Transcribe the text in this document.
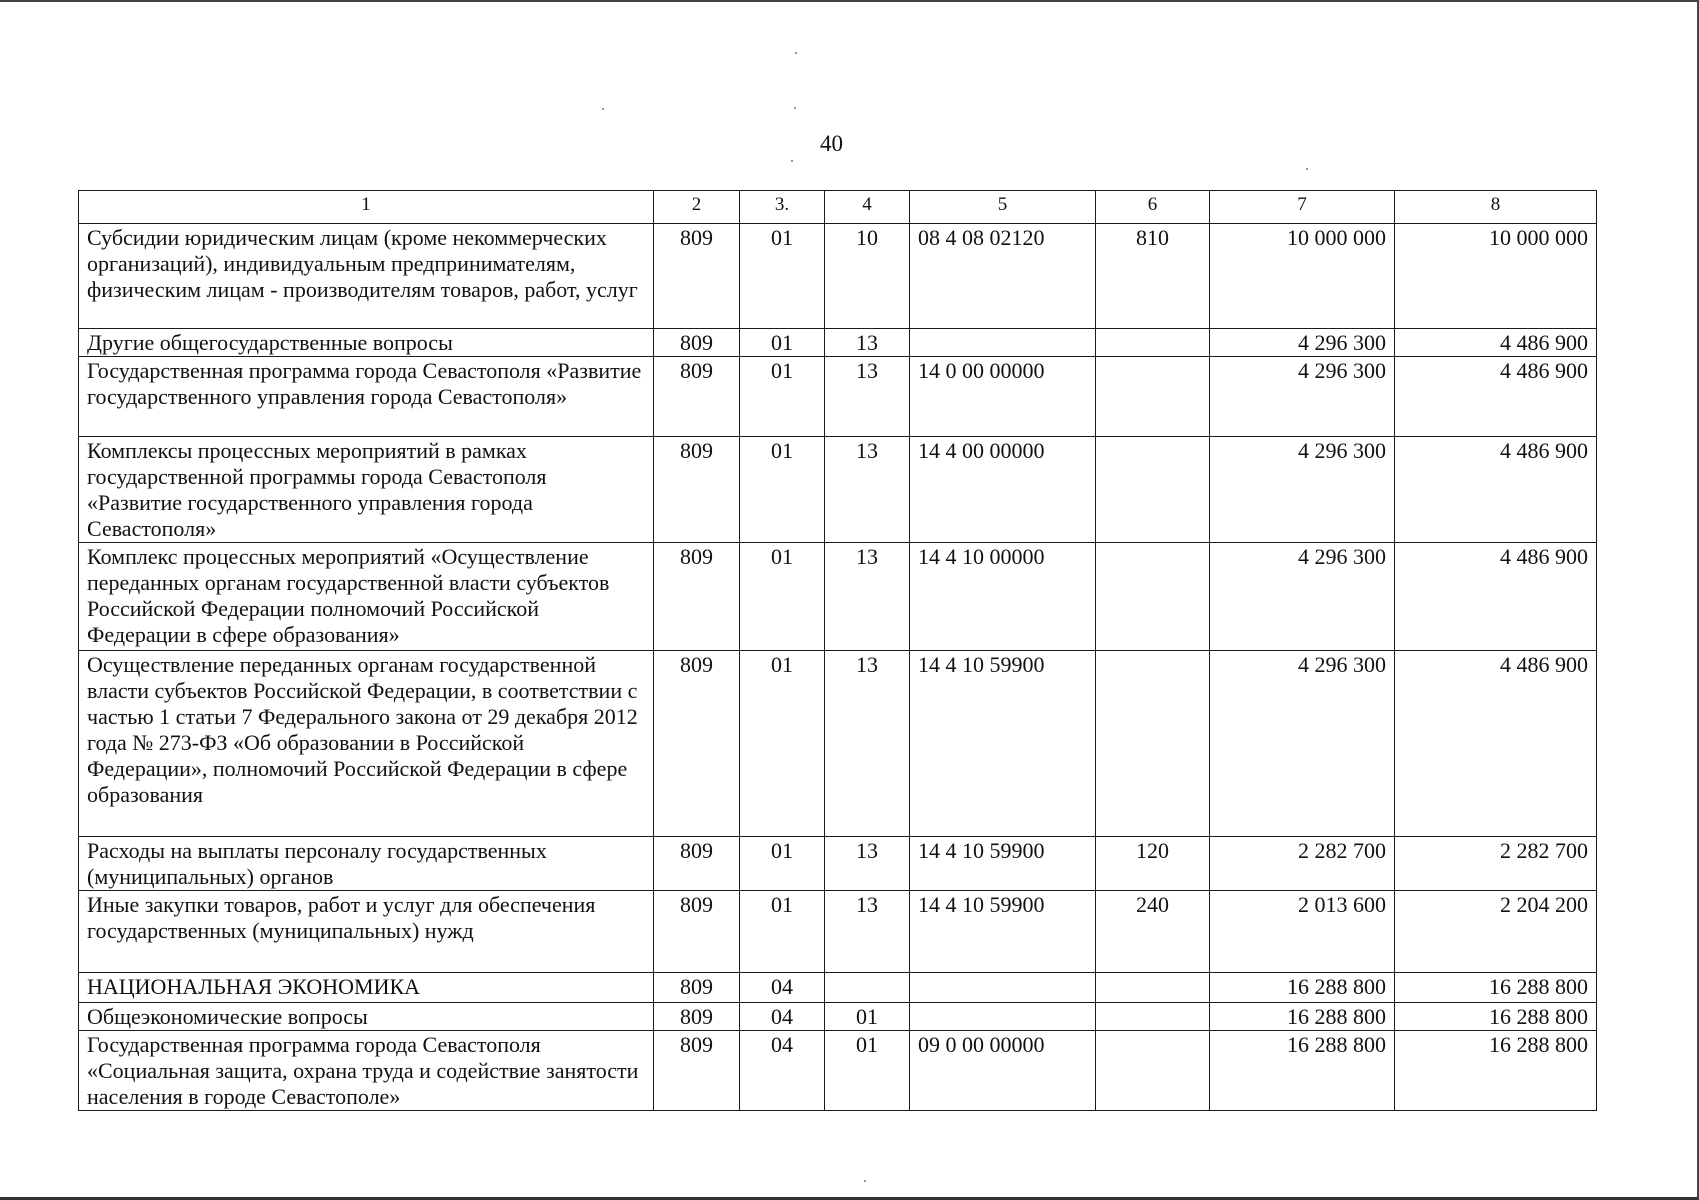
40
1	2	3.	4	5	6	7	8
Субсидии юридическим лицам (кроме некоммерческих организаций), индивидуальным предпринимателям, физическим лицам - производителям товаров, работ, услуг	809	01	10	08 4 08 02120	810	10 000 000	10 000 000
Другие общегосударственные вопросы	809	01	13			4 296 300	4 486 900
Государственная программа города Севастополя «Развитие государственного управления города Севастополя»	809	01	13	14 0 00 00000		4 296 300	4 486 900
Комплексы процессных мероприятий в рамках государственной программы города Севастополя «Развитие государственного управления города Севастополя»	809	01	13	14 4 00 00000		4 296 300	4 486 900
Комплекс процессных мероприятий «Осуществление переданных органам государственной власти субъектов Российской Федерации полномочий Российской Федерации в сфере образования»	809	01	13	14 4 10 00000		4 296 300	4 486 900
Осуществление переданных органам государственной власти субъектов Российской Федерации, в соответствии с частью 1 статьи 7 Федерального закона от 29 декабря 2012 года № 273-ФЗ «Об образовании в Российской Федерации», полномочий Российской Федерации в сфере образования	809	01	13	14 4 10 59900		4 296 300	4 486 900
Расходы на выплаты персоналу государственных (муниципальных) органов	809	01	13	14 4 10 59900	120	2 282 700	2 282 700
Иные закупки товаров, работ и услуг для обеспечения государственных (муниципальных) нужд	809	01	13	14 4 10 59900	240	2 013 600	2 204 200
НАЦИОНАЛЬНАЯ ЭКОНОМИКА	809	04				16 288 800	16 288 800
Общеэкономические вопросы	809	04	01			16 288 800	16 288 800
Государственная программа города Севастополя «Социальная защита, охрана труда и содействие занятости населения в городе Севастополе»	809	04	01	09 0 00 00000		16 288 800	16 288 800
